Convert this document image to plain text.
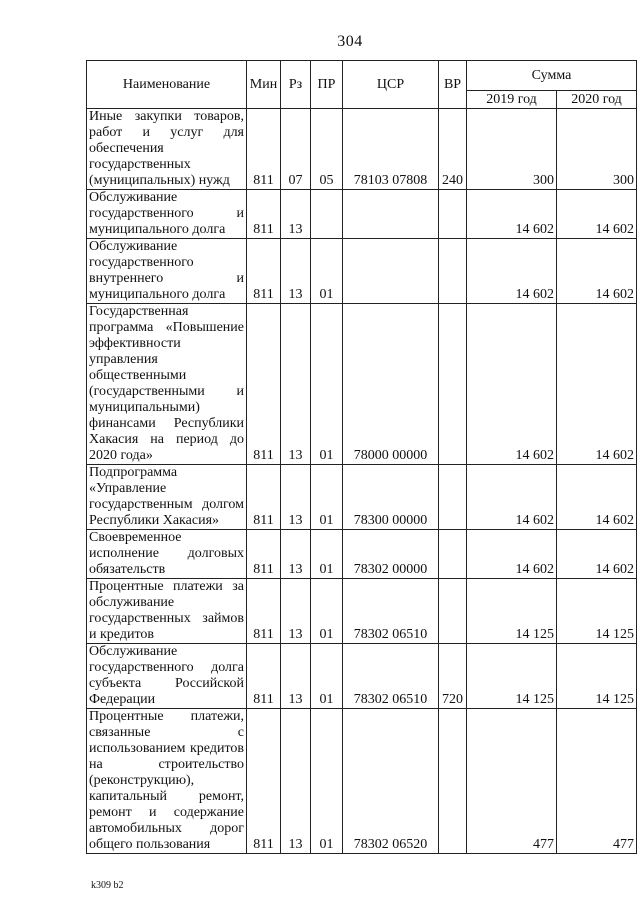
304
Наименование	Мин	Рз	ПР	ЦСР	ВР	Сумма	
						2019 год	2020 год
Иные закупки товаров, работ и услуг для обеспечения государственных (муниципальных) нужд	811	07	05	78103 07808	240	300	300
Обслуживание государственного и муниципального долга	811	13				14 602	14 602
Обслуживание государственного внутреннего и муниципального долга	811	13	01			14 602	14 602
Государственная программа «Повышение эффективности управления общественными (государственными и муниципальными) финансами Республики Хакасия на период до 2020 года»	811	13	01	78000 00000		14 602	14 602
Подпрограмма «Управление государственным долгом Республики Хакасия»	811	13	01	78300 00000		14 602	14 602
Своевременное исполнение долговых обязательств	811	13	01	78302 00000		14 602	14 602
Процентные платежи за обслуживание государственных займов и кредитов	811	13	01	78302 06510		14 125	14 125
Обслуживание государственного долга субъекта Российской Федерации	811	13	01	78302 06510	720	14 125	14 125
Процентные платежи, связанные с использованием кредитов на строительство (реконструкцию), капитальный ремонт, ремонт и содержание автомобильных дорог общего пользования	811	13	01	78302 06520		477	477
k309 b2
